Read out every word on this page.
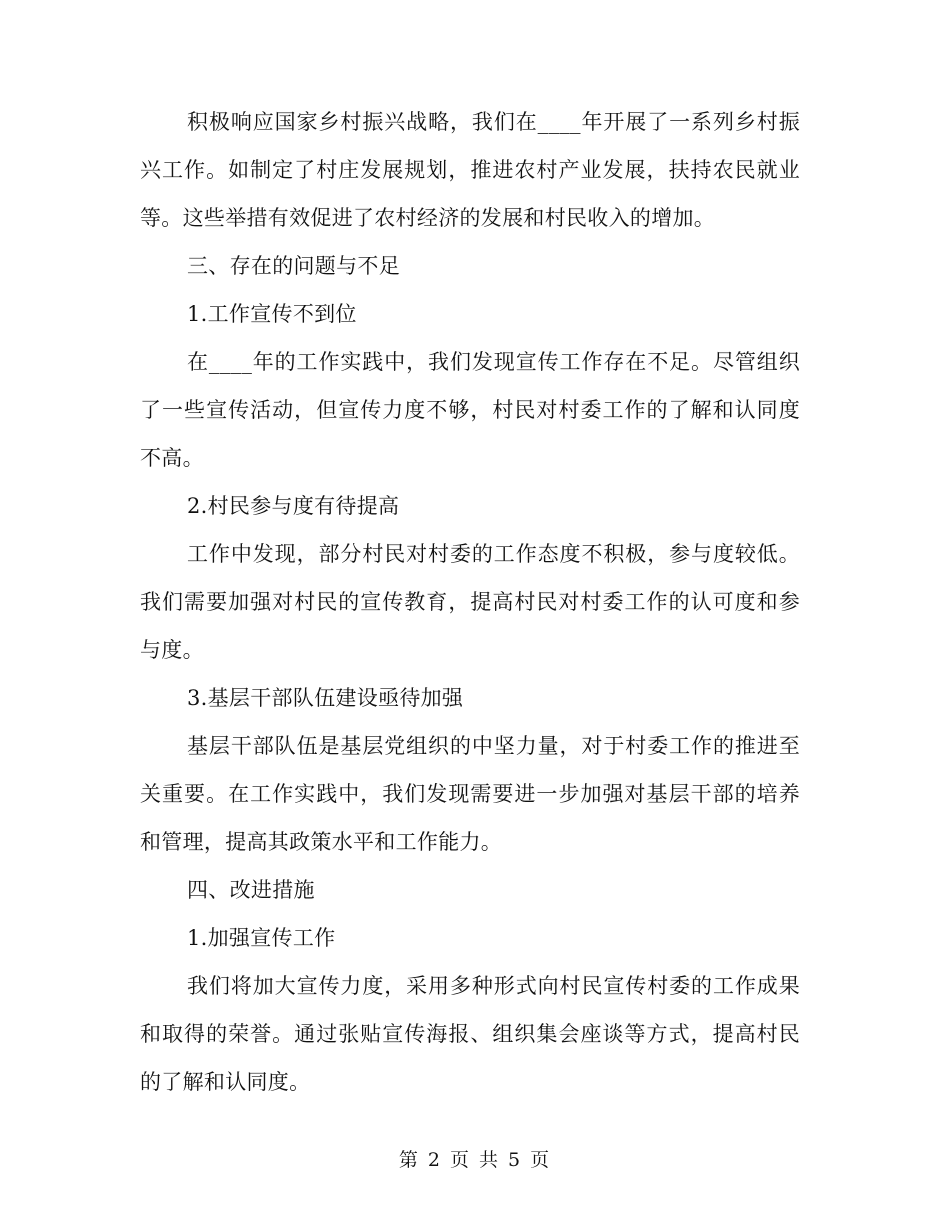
积极响应国家乡村振兴战略，我们在____年开展了一系列乡村振兴工作。如制定了村庄发展规划，推进农村产业发展，扶持农民就业等。这些举措有效促进了农村经济的发展和村民收入的增加。

三、存在的问题与不足

1.工作宣传不到位

在____年的工作实践中，我们发现宣传工作存在不足。尽管组织了一些宣传活动，但宣传力度不够，村民对村委工作的了解和认同度不高。

2.村民参与度有待提高

工作中发现，部分村民对村委的工作态度不积极，参与度较低。我们需要加强对村民的宣传教育，提高村民对村委工作的认可度和参与度。

3.基层干部队伍建设亟待加强

基层干部队伍是基层党组织的中坚力量，对于村委工作的推进至关重要。在工作实践中，我们发现需要进一步加强对基层干部的培养和管理，提高其政策水平和工作能力。

四、改进措施

1.加强宣传工作

我们将加大宣传力度，采用多种形式向村民宣传村委的工作成果和取得的荣誉。通过张贴宣传海报、组织集会座谈等方式，提高村民的了解和认同度。

第 2 页 共 5 页
